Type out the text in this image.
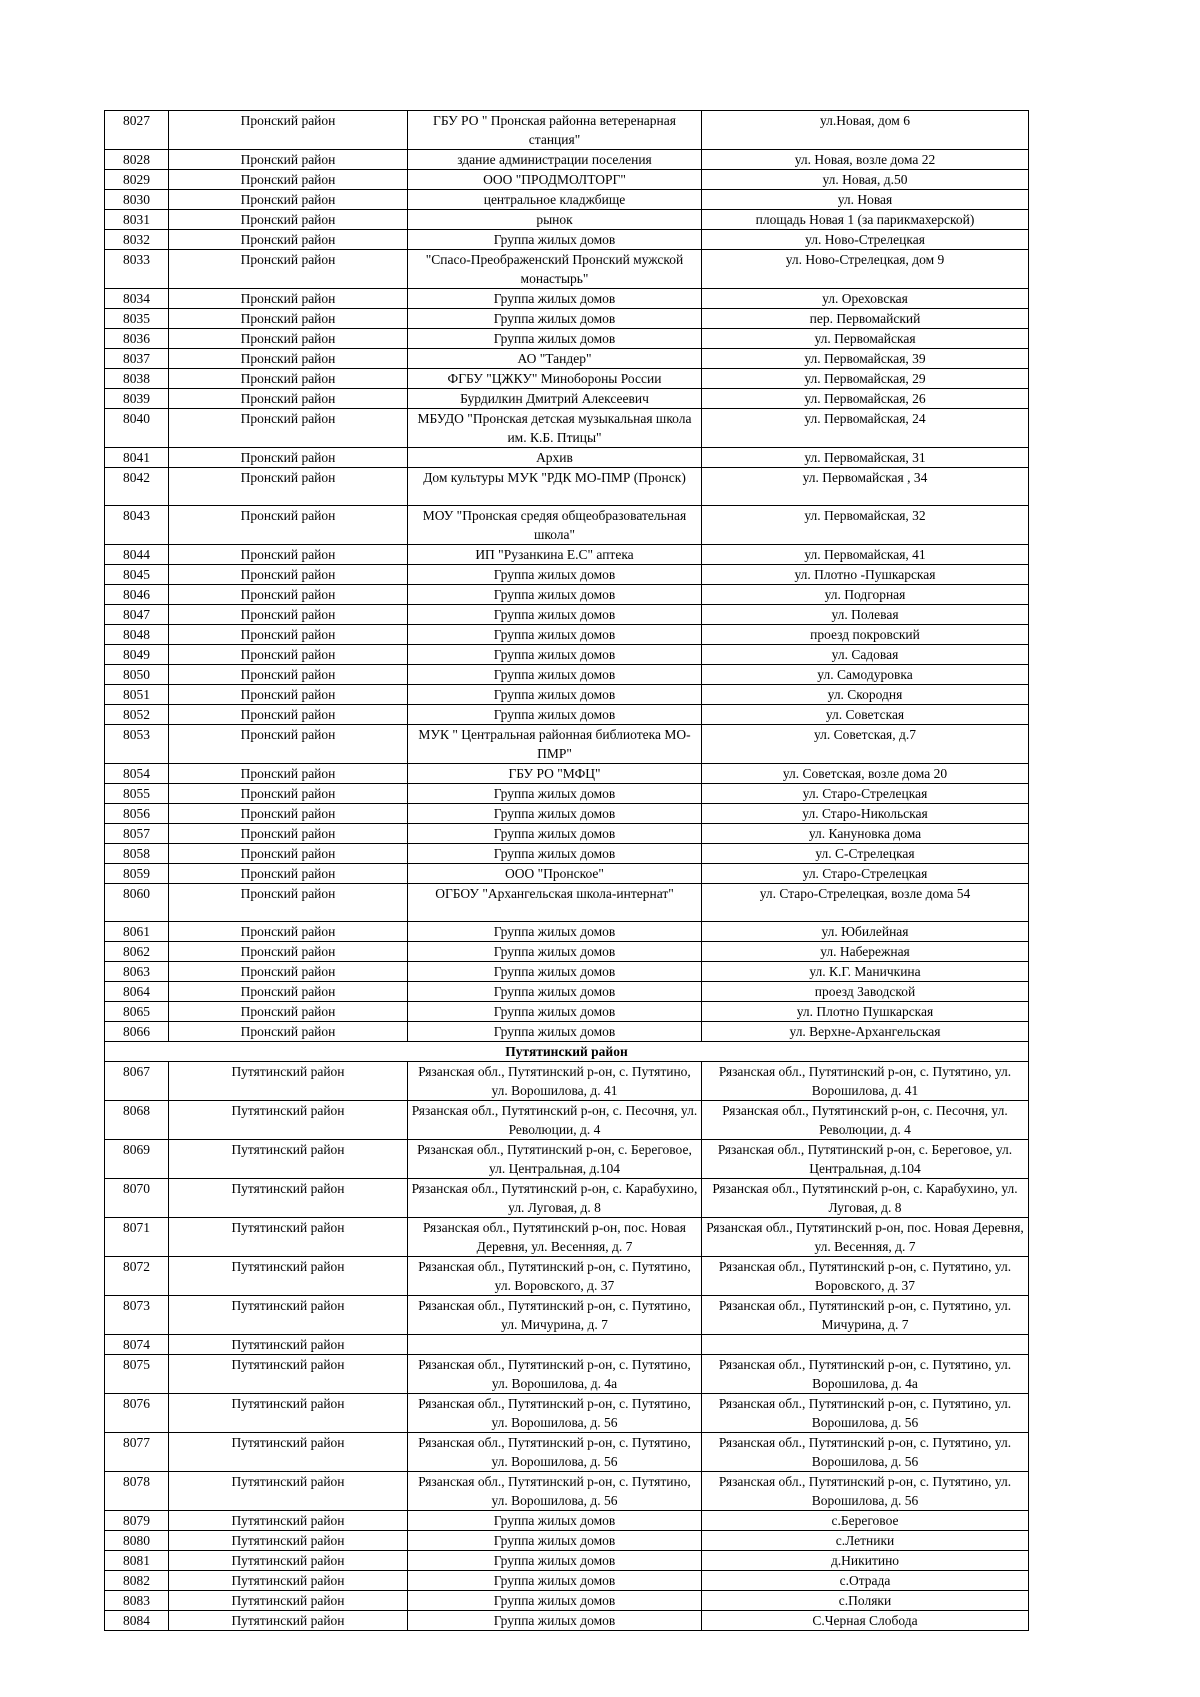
8027	Пронский район	ГБУ РО " Пронская районна ветеренарная станция"	ул.Новая, дом 6
8028	Пронский район	здание администрации поселения	ул. Новая, возле дома 22
8029	Пронский район	ООО "ПРОДМОЛТОРГ"	ул. Новая, д.50
8030	Пронский район	центральное кладжбище	ул. Новая
8031	Пронский район	рынок	площадь Новая 1 (за парикмахерской)
8032	Пронский район	Группа жилых домов	ул. Ново-Стрелецкая
8033	Пронский район	"Спасо-Преображенский Пронский мужской монастырь"	ул. Ново-Стрелецкая, дом 9
8034	Пронский район	Группа жилых домов	ул. Ореховская
8035	Пронский район	Группа жилых домов	пер. Первомайский
8036	Пронский район	Группа жилых домов	ул. Первомайская
8037	Пронский район	АО "Тандер"	ул. Первомайская, 39
8038	Пронский район	ФГБУ "ЦЖКУ" Минобороны России	ул. Первомайская, 29
8039	Пронский район	Бурдилкин Дмитрий Алексеевич	ул. Первомайская, 26
8040	Пронский район	МБУДО "Пронская детская музыкальная школа им. К.Б. Птицы"	ул. Первомайская, 24
8041	Пронский район	Архив	ул. Первомайская, 31
8042	Пронский район	Дом культуры МУК "РДК МО-ПМР (Пронск)	ул. Первомайская , 34
8043	Пронский район	МОУ "Пронская средяя общеобразовательная школа"	ул. Первомайская, 32
8044	Пронский район	ИП "Рузанкина Е.С" аптека	ул. Первомайская, 41
8045	Пронский район	Группа жилых домов	ул. Плотно -Пушкарская
8046	Пронский район	Группа жилых домов	ул. Подгорная
8047	Пронский район	Группа жилых домов	ул. Полевая
8048	Пронский район	Группа жилых домов	проезд покровский
8049	Пронский район	Группа жилых домов	ул. Садовая
8050	Пронский район	Группа жилых домов	ул. Самодуровка
8051	Пронский район	Группа жилых домов	ул. Скородня
8052	Пронский район	Группа жилых домов	ул. Советская
8053	Пронский район	МУК " Центральная районная библиотека МО-ПМР"	ул. Советская, д.7
8054	Пронский район	ГБУ РО "МФЦ"	ул. Советская, возле дома 20
8055	Пронский район	Группа жилых домов	ул. Старо-Стрелецкая
8056	Пронский район	Группа жилых домов	ул. Старо-Никольская
8057	Пронский район	Группа жилых домов	ул. Кануновка дома
8058	Пронский район	Группа жилых домов	ул. С-Стрелецкая
8059	Пронский район	ООО "Пронское"	ул. Старо-Стрелецкая
8060	Пронский район	ОГБОУ "Архангельская школа-интернат"	ул. Старо-Стрелецкая, возле дома 54
8061	Пронский район	Группа жилых домов	ул. Юбилейная
8062	Пронский район	Группа жилых домов	ул. Набережная
8063	Пронский район	Группа жилых домов	ул. К.Г. Маничкина
8064	Пронский район	Группа жилых домов	проезд Заводской
8065	Пронский район	Группа жилых домов	ул. Плотно Пушкарская
8066	Пронский район	Группа жилых домов	ул. Верхне-Архангельская
Путятинский район			
8067	Путятинский район	Рязанская обл., Путятинский р-он, с. Путятино, ул. Ворошилова, д. 41	Рязанская обл., Путятинский р-он, с. Путятино, ул. Ворошилова, д. 41
8068	Путятинский район	Рязанская обл., Путятинский р-он, с. Песочня, ул. Революции, д. 4	Рязанская обл., Путятинский р-он, с. Песочня, ул. Революции, д. 4
8069	Путятинский район	Рязанская обл., Путятинский р-он, с. Береговое, ул. Центральная, д.104	Рязанская обл., Путятинский р-он, с. Береговое, ул. Центральная, д.104
8070	Путятинский район	Рязанская обл., Путятинский р-он, с. Карабухино, ул. Луговая, д. 8	Рязанская обл., Путятинский р-он, с. Карабухино, ул. Луговая, д. 8
8071	Путятинский район	Рязанская обл., Путятинский р-он, пос. Новая Деревня, ул. Весенняя, д. 7	Рязанская обл., Путятинский р-он, пос. Новая Деревня, ул. Весенняя, д. 7
8072	Путятинский район	Рязанская обл., Путятинский р-он, с. Путятино, ул. Воровского, д. 37	Рязанская обл., Путятинский р-он, с. Путятино, ул. Воровского, д. 37
8073	Путятинский район	Рязанская обл., Путятинский р-он, с. Путятино, ул. Мичурина, д. 7	Рязанская обл., Путятинский р-он, с. Путятино, ул. Мичурина, д. 7
8074	Путятинский район		
8075	Путятинский район	Рязанская обл., Путятинский р-он, с. Путятино, ул. Ворошилова, д. 4а	Рязанская обл., Путятинский р-он, с. Путятино, ул. Ворошилова, д. 4а
8076	Путятинский район	Рязанская обл., Путятинский р-он, с. Путятино, ул. Ворошилова, д. 56	Рязанская обл., Путятинский р-он, с. Путятино, ул. Ворошилова, д. 56
8077	Путятинский район	Рязанская обл., Путятинский р-он, с. Путятино, ул. Ворошилова, д. 56	Рязанская обл., Путятинский р-он, с. Путятино, ул. Ворошилова, д. 56
8078	Путятинский район	Рязанская обл., Путятинский р-он, с. Путятино, ул. Ворошилова, д. 56	Рязанская обл., Путятинский р-он, с. Путятино, ул. Ворошилова, д. 56
8079	Путятинский район	Группа жилых домов	с.Береговое
8080	Путятинский район	Группа жилых домов	с.Летники
8081	Путятинский район	Группа жилых домов	д.Никитино
8082	Путятинский район	Группа жилых домов	с.Отрада
8083	Путятинский район	Группа жилых домов	с.Поляки
8084	Путятинский район	Группа жилых домов	С.Черная Слобода
